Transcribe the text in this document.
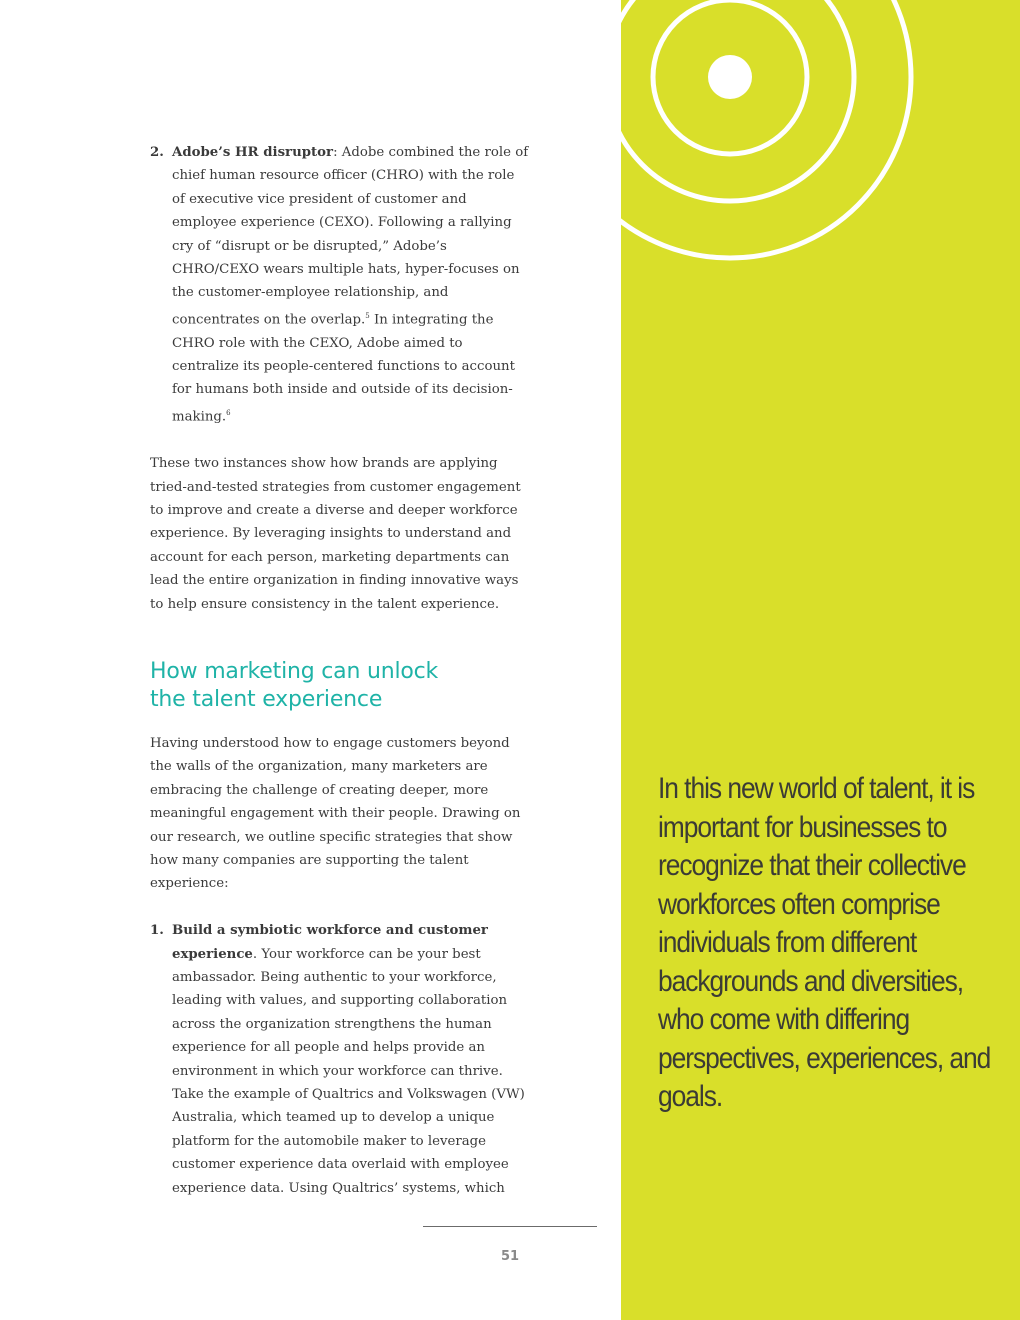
2. Adobe’s HR disruptor: Adobe combined the role of chief human resource officer (CHRO) with the role of executive vice president of customer and employee experience (CEXO). Following a rallying cry of “disrupt or be disrupted,” Adobe’s CHRO/CEXO wears multiple hats, hyper-focuses on the customer-employee relationship, and concentrates on the overlap.$^5$ In integrating the CHRO role with the CEXO, Adobe aimed to centralize its people-centered functions to account for humans both inside and outside of its decision-making.$^6$

These two instances show how brands are applying tried-and-tested strategies from customer engagement to improve and create a diverse and deeper workforce experience. By leveraging insights to understand and account for each person, marketing departments can lead the entire organization in finding innovative ways to help ensure consistency in the talent experience.

How marketing can unlock
the talent experience

Having understood how to engage customers beyond the walls of the organization, many marketers are embracing the challenge of creating deeper, more meaningful engagement with their people. Drawing on our research, we outline specific strategies that show how many companies are supporting the talent experience:

1. Build a symbiotic workforce and customer experience. Your workforce can be your best ambassador. Being authentic to your workforce, leading with values, and supporting collaboration across the organization strengthens the human experience for all people and helps provide an environment in which your workforce can thrive. Take the example of Qualtrics and Volkswagen (VW) Australia, which teamed up to develop a unique platform for the automobile maker to leverage customer experience data overlaid with employee experience data. Using Qualtrics’ systems, which

51
In this new world of talent, it is important for businesses to recognize that their collective workforces often comprise individuals from different backgrounds and diversities, who come with differing perspectives, experiences, and goals.
